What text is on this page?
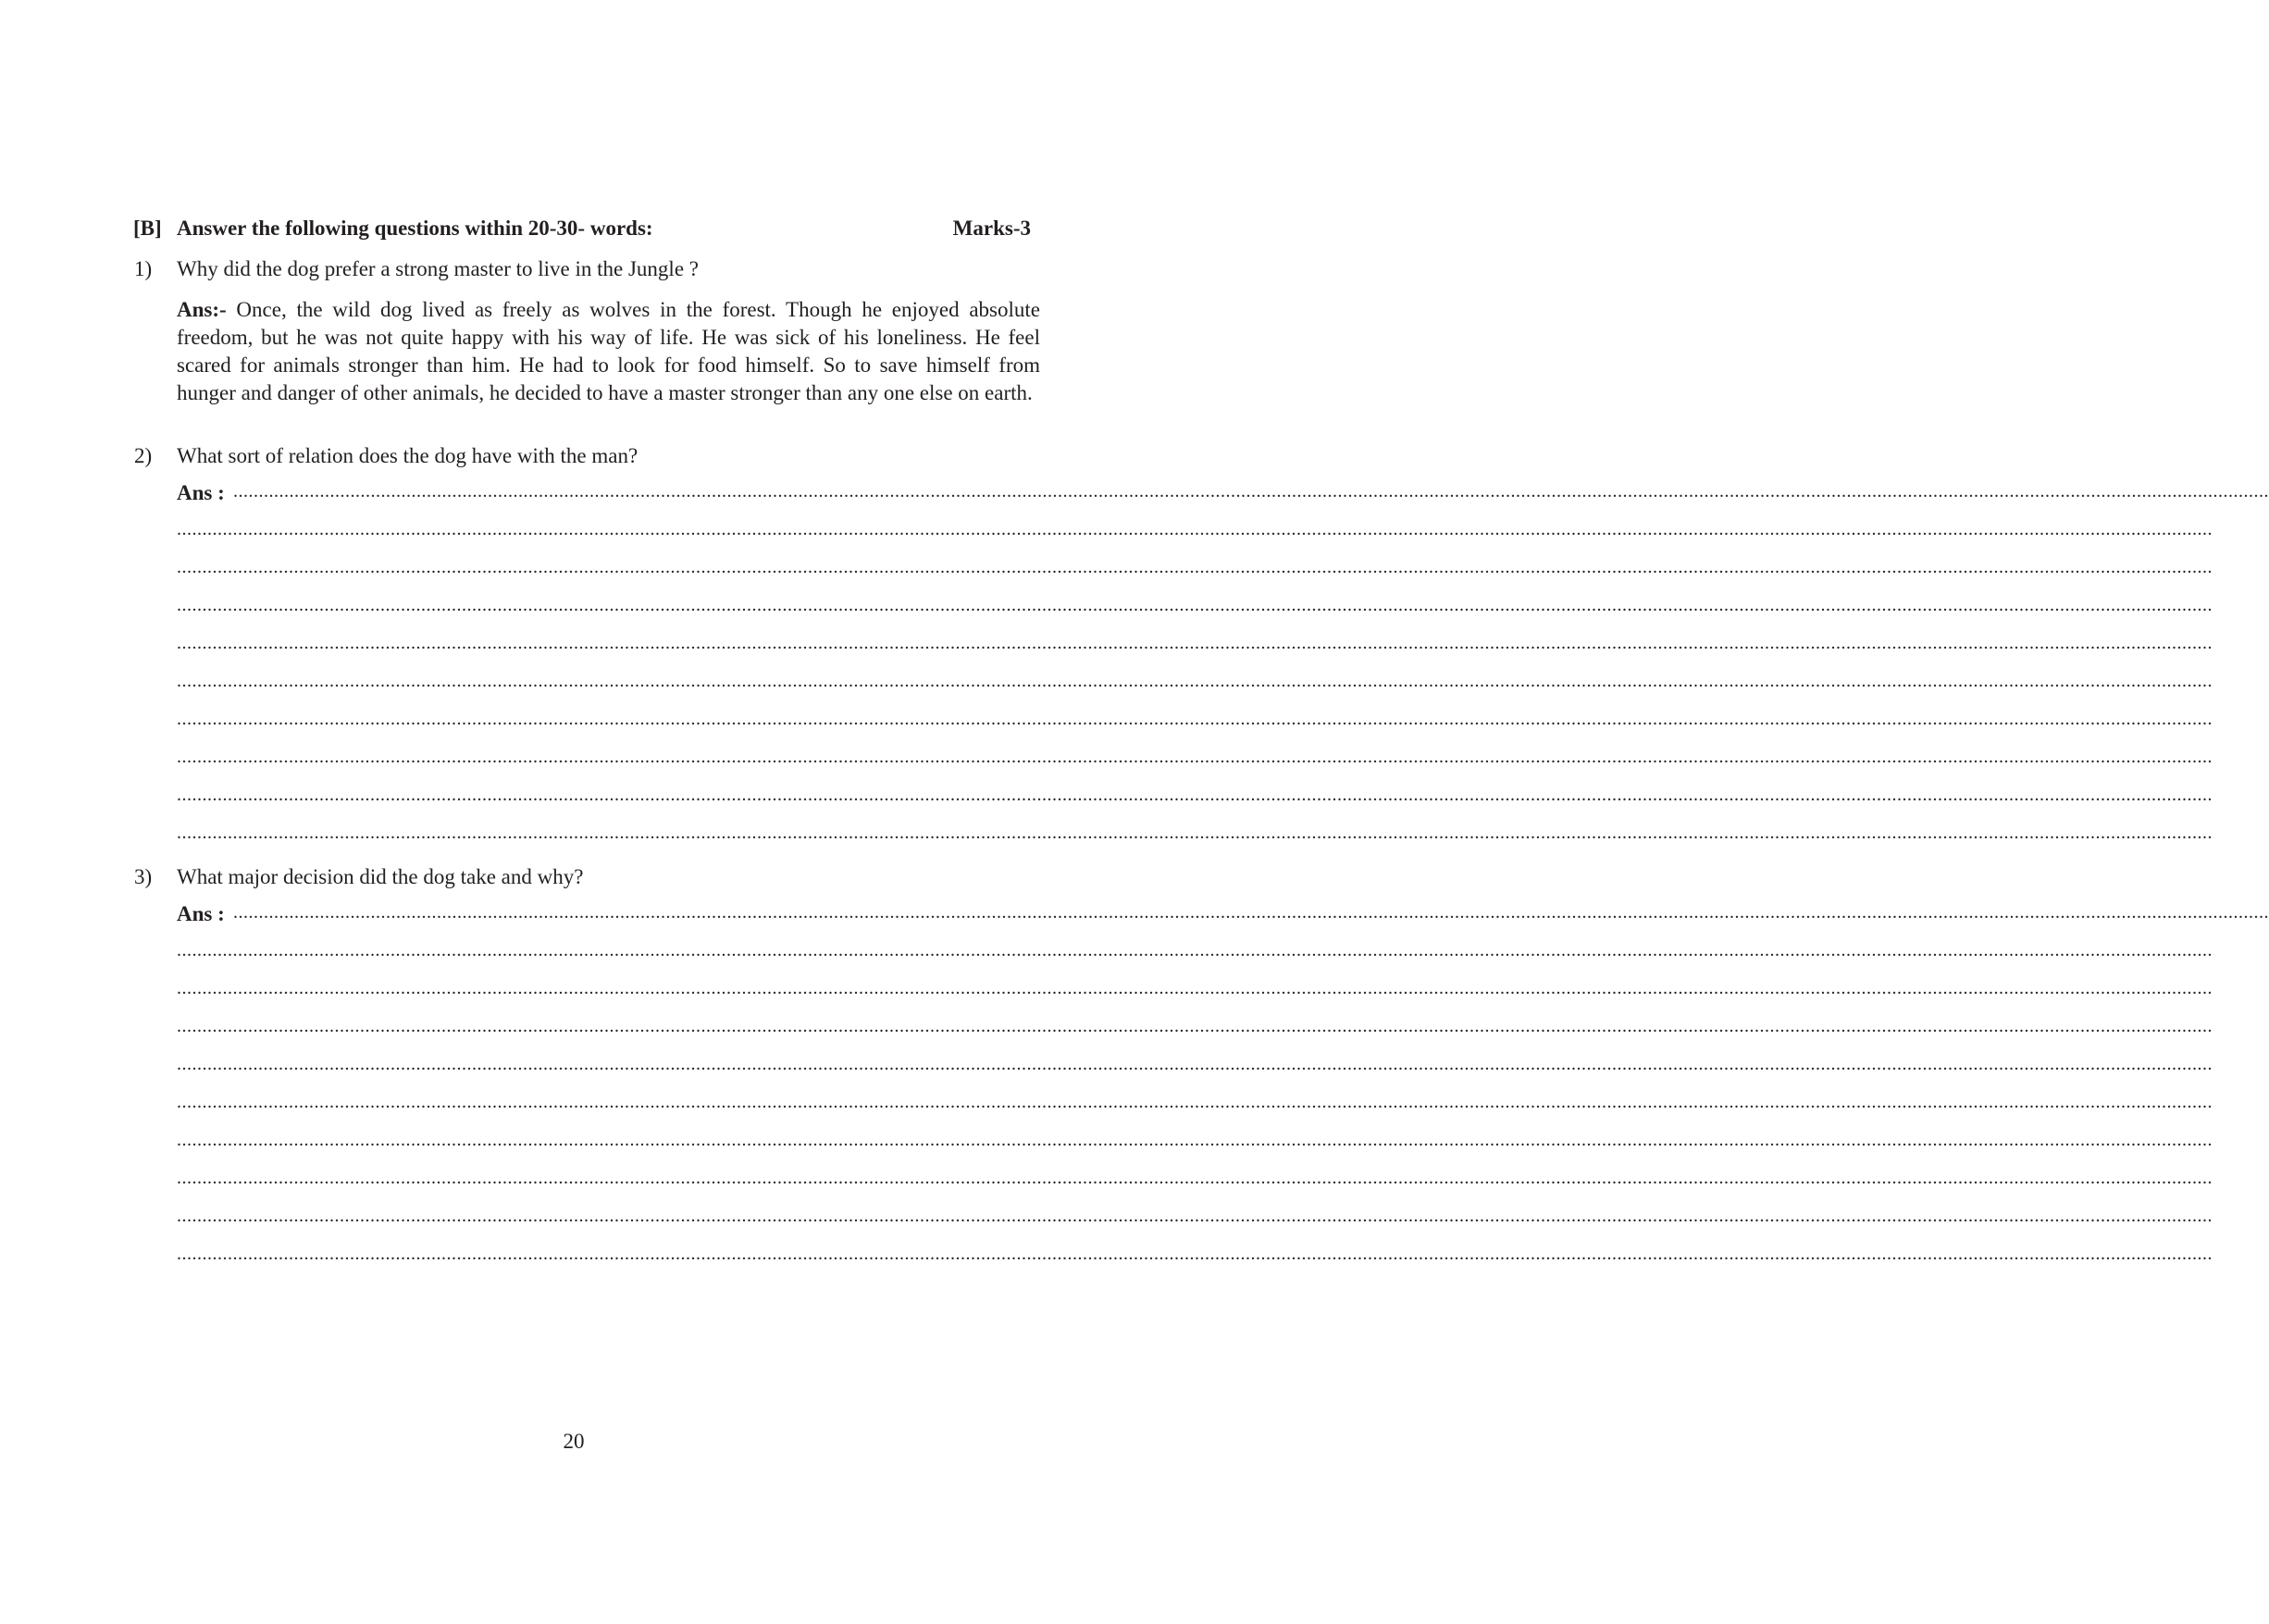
[B] Answer the following questions within 20-30- words:	Marks-3
1) Why did the dog prefer a strong master to live in the Jungle ?
Ans:- Once, the wild dog lived as freely as wolves in the forest. Though he enjoyed absolute freedom, but he was not quite happy with his way of life. He was sick of his loneliness. He feel scared for animals stronger than him. He had to look for food himself. So to save himself from hunger and danger of other animals, he decided to have a master stronger than any one else on earth.
2) What sort of relation does the dog have with the man?
Ans : ................................................................................................................................................................................................................................................................................................................................................................................................................
................................................................................................................................................................................................................................................................................................................................................................................................................
................................................................................................................................................................................................................................................................................................................................................................................................................
................................................................................................................................................................................................................................................................................................................................................................................................................
................................................................................................................................................................................................................................................................................................................................................................................................................
................................................................................................................................................................................................................................................................................................................................................................................................................
................................................................................................................................................................................................................................................................................................................................................................................................................
................................................................................................................................................................................................................................................................................................................................................................................................................
................................................................................................................................................................................................................................................................................................................................................................................................................
................................................................................................................................................................................................................................................................................................................................................................................................................
3) What major decision did the dog take and why?
Ans : ................................................................................................................................................................................................................................................................................................................................................................................................................
................................................................................................................................................................................................................................................................................................................................................................................................................
................................................................................................................................................................................................................................................................................................................................................................................................................
................................................................................................................................................................................................................................................................................................................................................................................................................
................................................................................................................................................................................................................................................................................................................................................................................................................
................................................................................................................................................................................................................................................................................................................................................................................................................
................................................................................................................................................................................................................................................................................................................................................................................................................
................................................................................................................................................................................................................................................................................................................................................................................................................
................................................................................................................................................................................................................................................................................................................................................................................................................
................................................................................................................................................................................................................................................................................................................................................................................................................
20
